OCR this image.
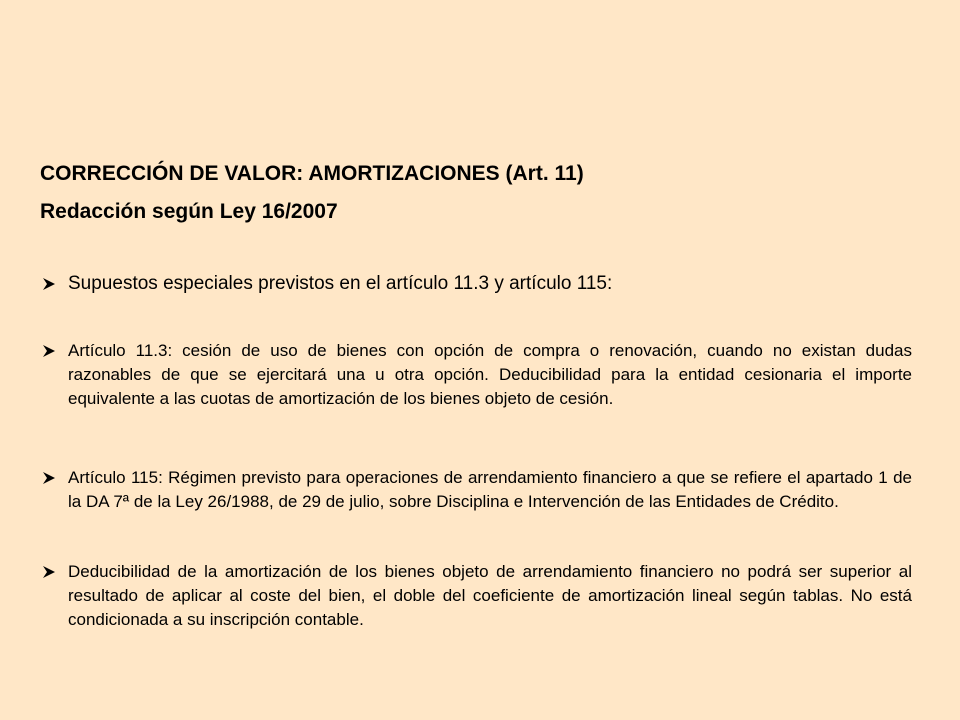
CORRECCIÓN DE VALOR: AMORTIZACIONES (Art. 11)
Redacción según Ley 16/2007
Supuestos especiales previstos en el artículo 11.3 y artículo 115:
Artículo 11.3: cesión de uso de bienes con opción de compra o renovación, cuando no existan dudas razonables de que se ejercitará una u otra opción. Deducibilidad para la entidad cesionaria el importe equivalente a las cuotas de amortización de los bienes objeto de cesión.
Artículo 115: Régimen previsto para operaciones de arrendamiento financiero a que se refiere el apartado 1 de la DA 7ª de la Ley 26/1988, de 29 de julio, sobre Disciplina e Intervención de las Entidades de Crédito.
Deducibilidad de la amortización de los bienes objeto de arrendamiento financiero no podrá ser superior al resultado de aplicar al coste del bien, el doble del coeficiente de amortización lineal según tablas. No está condicionada a su inscripción contable.
